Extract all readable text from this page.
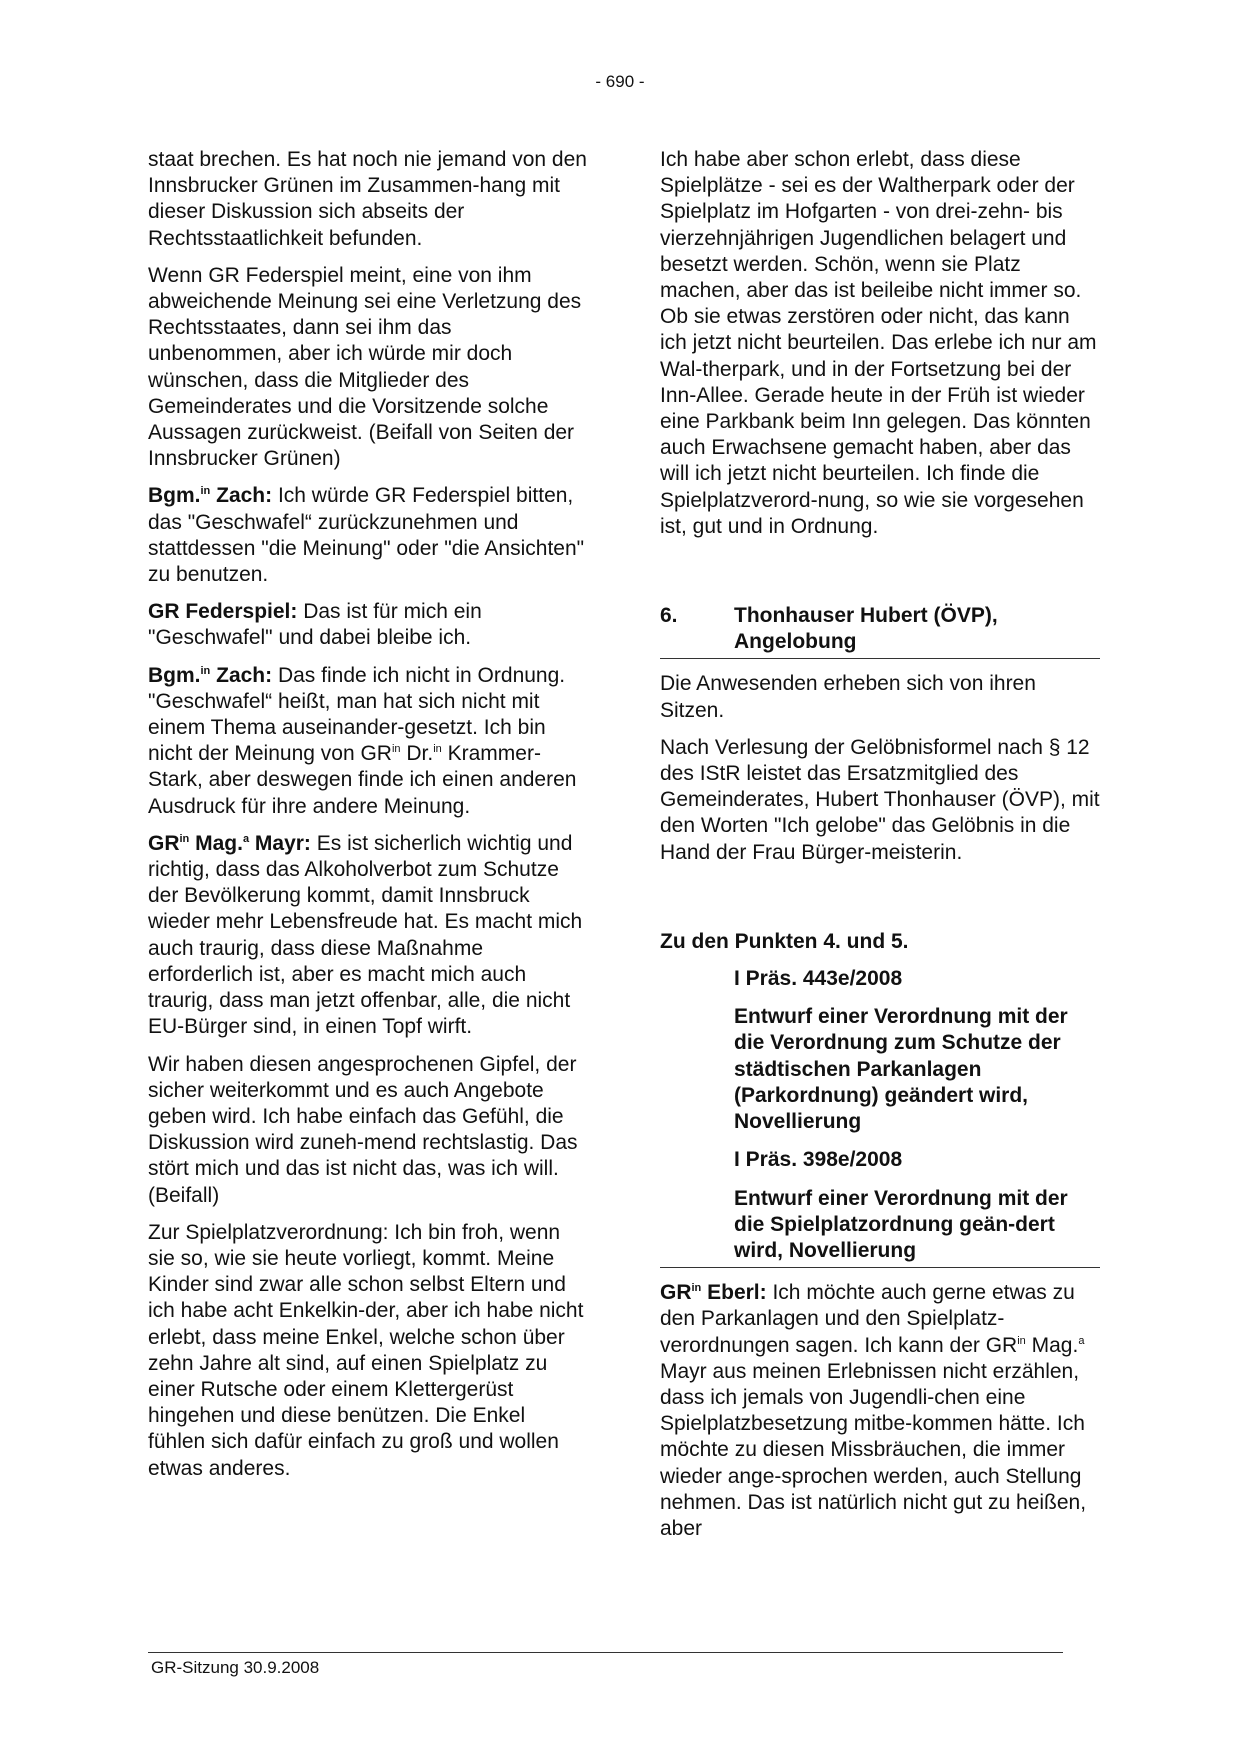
- 690 -

staat brechen. Es hat noch nie jemand von den Innsbrucker Grünen im Zusammen-hang mit dieser Diskussion sich abseits der Rechtsstaatlichkeit befunden.

Wenn GR Federspiel meint, eine von ihm abweichende Meinung sei eine Verletzung des Rechtsstaates, dann sei ihm das unbenommen, aber ich würde mir doch wünschen, dass die Mitglieder des Gemeinderates und die Vorsitzende solche Aussagen zurückweist. (Beifall von Seiten der Innsbrucker Grünen)

Bgm.$^{in}$ Zach: Ich würde GR Federspiel bitten, das "Geschwafel“ zurückzunehmen und stattdessen "die Meinung" oder "die Ansichten" zu benutzen.

GR Federspiel: Das ist für mich ein "Geschwafel" und dabei bleibe ich.

Bgm.$^{in}$ Zach: Das finde ich nicht in Ordnung. "Geschwafel“ heißt, man hat sich nicht mit einem Thema auseinander-gesetzt. Ich bin nicht der Meinung von $GR^{in}$ Dr.$^{in}$ Krammer-Stark, aber deswegen finde ich einen anderen Ausdruck für ihre andere Meinung.

$GR^{in}$ Mag.$^a$ Mayr: Es ist sicherlich wichtig und richtig, dass das Alkoholverbot zum Schutze der Bevölkerung kommt, damit Innsbruck wieder mehr Lebensfreude hat. Es macht mich auch traurig, dass diese Maßnahme erforderlich ist, aber es macht mich auch traurig, dass man jetzt offenbar, alle, die nicht EU-Bürger sind, in einen Topf wirft.

Wir haben diesen angesprochenen Gipfel, der sicher weiterkommt und es auch Angebote geben wird. Ich habe einfach das Gefühl, die Diskussion wird zuneh-mend rechtslastig. Das stört mich und das ist nicht das, was ich will. (Beifall)

Zur Spielplatzverordnung: Ich bin froh, wenn sie so, wie sie heute vorliegt, kommt. Meine Kinder sind zwar alle schon selbst Eltern und ich habe acht Enkelkin-der, aber ich habe nicht erlebt, dass meine Enkel, welche schon über zehn Jahre alt sind, auf einen Spielplatz zu einer Rutsche oder einem Klettergerüst hingehen und diese benützen. Die Enkel fühlen sich dafür einfach zu groß und wollen etwas anderes.

Ich habe aber schon erlebt, dass diese Spielplätze - sei es der Waltherpark oder der Spielplatz im Hofgarten - von drei-zehn- bis vierzehnjährigen Jugendlichen belagert und besetzt werden. Schön, wenn sie Platz machen, aber das ist beileibe nicht immer so. Ob sie etwas zerstören oder nicht, das kann ich jetzt nicht beurteilen. Das erlebe ich nur am Wal-therpark, und in der Fortsetzung bei der Inn-Allee. Gerade heute in der Früh ist wieder eine Parkbank beim Inn gelegen. Das könnten auch Erwachsene gemacht haben, aber das will ich jetzt nicht beurteilen. Ich finde die Spielplatzverord-nung, so wie sie vorgesehen ist, gut und in Ordnung.

6.	Thonhauser Hubert (ÖVP), Angelobung

Die Anwesenden erheben sich von ihren Sitzen.

Nach Verlesung der Gelöbnisformel nach § 12 des IStR leistet das Ersatzmitglied des Gemeinderates, Hubert Thonhauser (ÖVP), mit den Worten "Ich gelobe" das Gelöbnis in die Hand der Frau Bürger-meisterin.

Zu den Punkten 4. und 5.

I Präs. 443e/2008
Entwurf einer Verordnung mit der die Verordnung zum Schutze der städtischen Parkanlagen (Parkordnung) geändert wird, Novellierung
I Präs. 398e/2008
Entwurf einer Verordnung mit der die Spielplatzordnung geän-dert wird, Novellierung

$GR^{in}$ Eberl: Ich möchte auch gerne etwas zu den Parkanlagen und den Spielplatz-verordnungen sagen. Ich kann der $GR^{in}$ Mag.$^a$ Mayr aus meinen Erlebnissen nicht erzählen, dass ich jemals von Jugendli-chen eine Spielplatzbesetzung mitbe-kommen hätte. Ich möchte zu diesen Missbräuchen, die immer wieder ange-sprochen werden, auch Stellung nehmen. Das ist natürlich nicht gut zu heißen, aber

GR-Sitzung 30.9.2008
